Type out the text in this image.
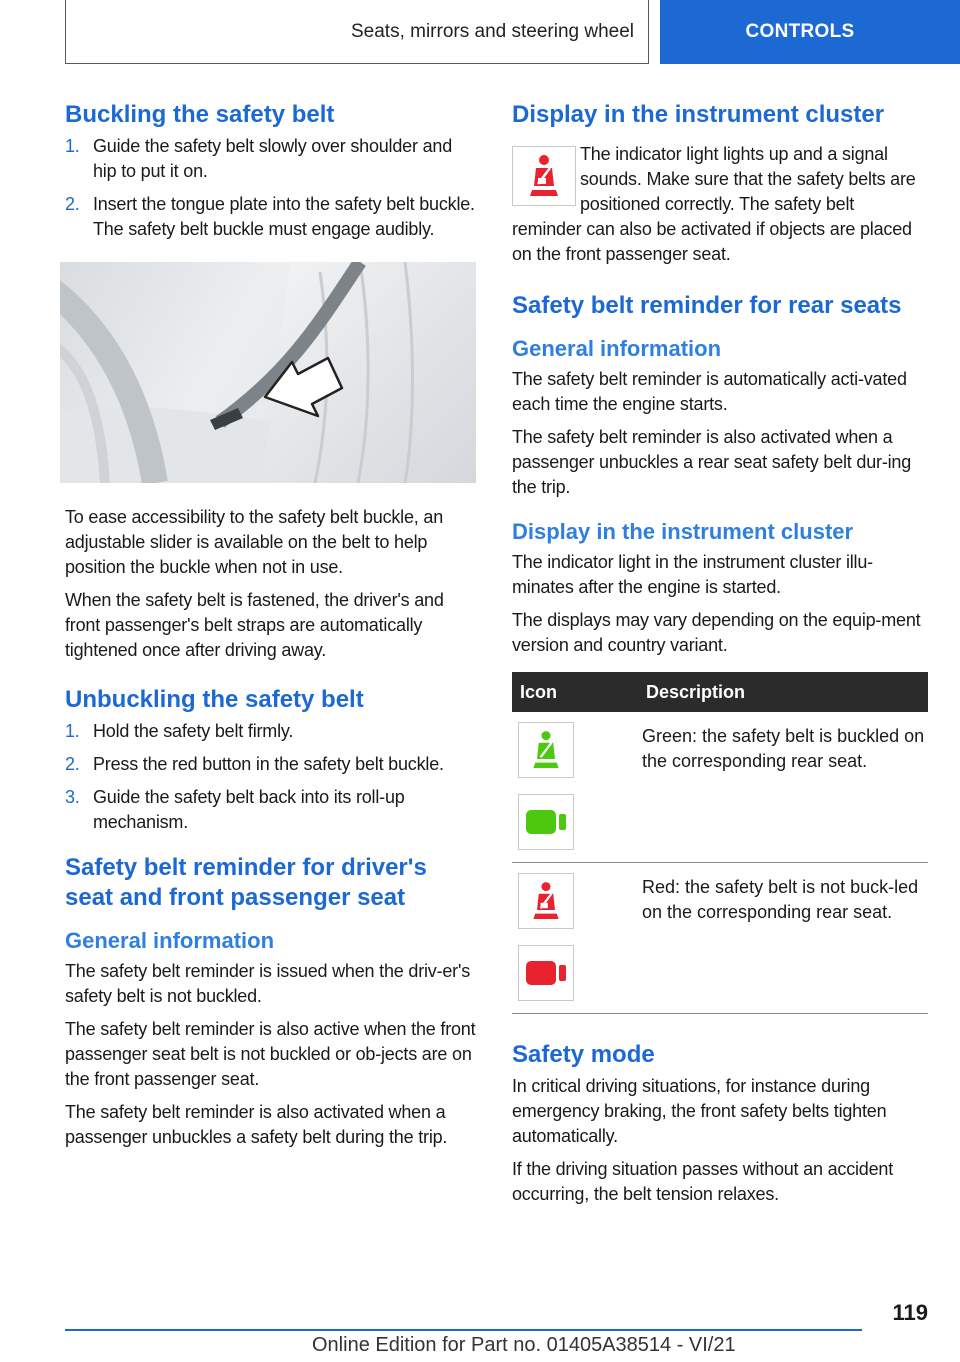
Seats, mirrors and steering wheel	CONTROLS
Buckling the safety belt
1. Guide the safety belt slowly over shoulder and hip to put it on.
2. Insert the tongue plate into the safety belt buckle. The safety belt buckle must engage audibly.

To ease accessibility to the safety belt buckle, an adjustable slider is available on the belt to help position the buckle when not in use.

When the safety belt is fastened, the driver's and front passenger's belt straps are automatically tightened once after driving away.

Unbuckling the safety belt
1. Hold the safety belt firmly.
2. Press the red button in the safety belt buckle.
3. Guide the safety belt back into its roll-up mechanism.
Safety belt reminder for driver's seat and front passenger seat
General information

The safety belt reminder is issued when the driv‐er's safety belt is not buckled.

The safety belt reminder is also active when the front passenger seat belt is not buckled or ob‐jects are on the front passenger seat.

The safety belt reminder is also activated when a passenger unbuckles a safety belt during the trip.

Display in the instrument cluster

The indicator light lights up and a signal sounds. Make sure that the safety belts are positioned correctly. The safety belt reminder can also be activated if objects are placed on the front passenger seat.

Safety belt reminder for rear seats
General information

The safety belt reminder is automatically acti‐vated each time the engine starts.

The safety belt reminder is also activated when a passenger unbuckles a rear seat safety belt dur‐ing the trip.

Display in the instrument cluster

The indicator light in the instrument cluster illu‐minates after the engine is started.

The displays may vary depending on the equip‐ment version and country variant.

Icon	Description

	Green: the safety belt is buckled on the corresponding rear seat.

	Red: the safety belt is not buck‐led on the corresponding rear seat.
Safety mode

In critical driving situations, for instance during emergency braking, the front safety belts tighten automatically.

If the driving situation passes without an accident occurring, the belt tension relaxes.

119
Online Edition for Part no. 01405A38514 - VI/21
